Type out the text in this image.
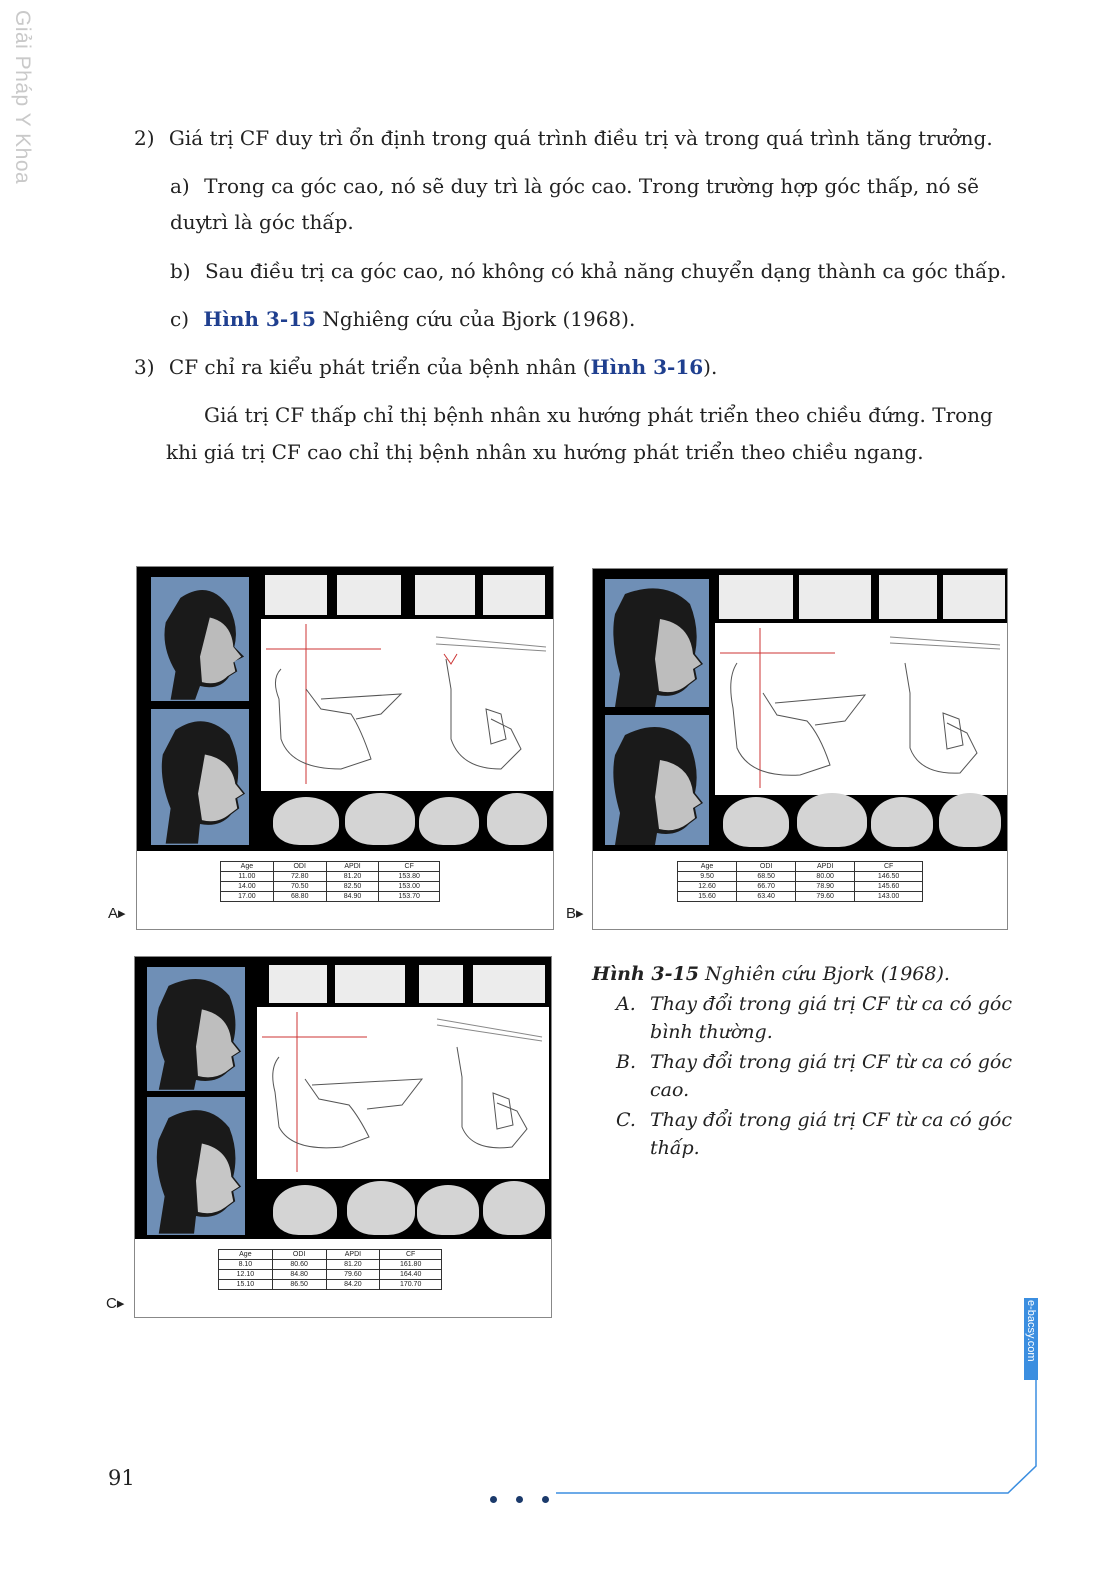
Giải Pháp Y Khoa	2) Giá trị CF duy trì ổn định trong quá trình điều trị và trong quá trình tăng trưởng.
a) Trong ca góc cao, nó sẽ duy trì là góc cao. Trong trường hợp góc thấp, nó sẽ duy
trì là góc thấp.
b) Sau điều trị ca góc cao, nó không có khả năng chuyển dạng thành ca góc thấp.
c) Hình 3-15 Nghiêng cứu của Bjork (1968).
3) CF chỉ ra kiểu phát triển của bệnh nhân (Hình 3-16).
Giá trị CF thấp chỉ thị bệnh nhân xu hướng phát triển theo chiều đứng. Trong
khi giá trị CF cao chỉ thị bệnh nhân xu hướng phát triển theo chiều ngang.
Age	ODI	APDI	CF
11.00	72.80	81.20	153.80
14.00	70.50	82.50	153.00
17.00	68.80	84.90	153.70
A▸
Age	ODI	APDI	CF
9.50	68.50	80.00	146.50
12.60	66.70	78.90	145.60
15.60	63.40	79.60	143.00
B▸
Age	ODI	APDI	CF
8.10	80.60	81.20	161.80
12.10	84.80	79.60	164.40
15.10	86.50	84.20	170.70
C▸
Hình 3-15 Nghiên cứu Bjork (1968).
A. Thay đổi trong giá trị CF từ ca có góc bình thường.
B. Thay đổi trong giá trị CF từ ca có góc cao.
C. Thay đổi trong giá trị CF từ ca có góc thấp.
e-bacsy.com
91
